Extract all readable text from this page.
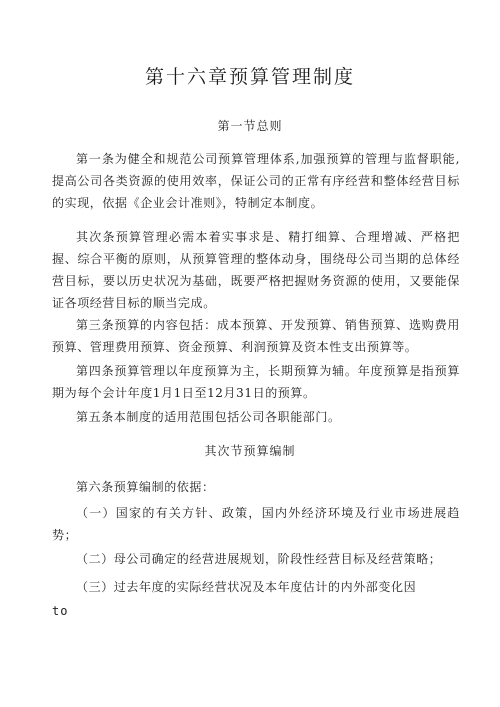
第十六章预算管理制度
第一节总则
第一条为健全和规范公司预算管理体系,加强预算的管理与监督职能,提高公司各类资源的使用效率，保证公司的正常有序经营和整体经营目标的实现，依据《企业会计准则》，特制定本制度。
其次条预算管理必需本着实事求是、精打细算、合理增减、严格把握、综合平衡的原则，从预算管理的整体动身，围绕母公司当期的总体经营目标，要以历史状况为基础，既要严格把握财务资源的使用，又要能保证各项经营目标的顺当完成。
第三条预算的内容包括：成本预算、开发预算、销售预算、选购费用预算、管理费用预算、资金预算、利润预算及资本性支出预算等。
第四条预算管理以年度预算为主，长期预算为辅。年度预算是指预算期为每个会计年度1月1日至12月31日的预算。
第五条本制度的适用范围包括公司各职能部门。
其次节预算编制
第六条预算编制的依据：
（一）国家的有关方针、政策，国内外经济环境及行业市场进展趋势；
（二）母公司确定的经营进展规划，阶段性经营目标及经营策略；
（三）过去年度的实际经营状况及本年度估计的内外部变化因
to
